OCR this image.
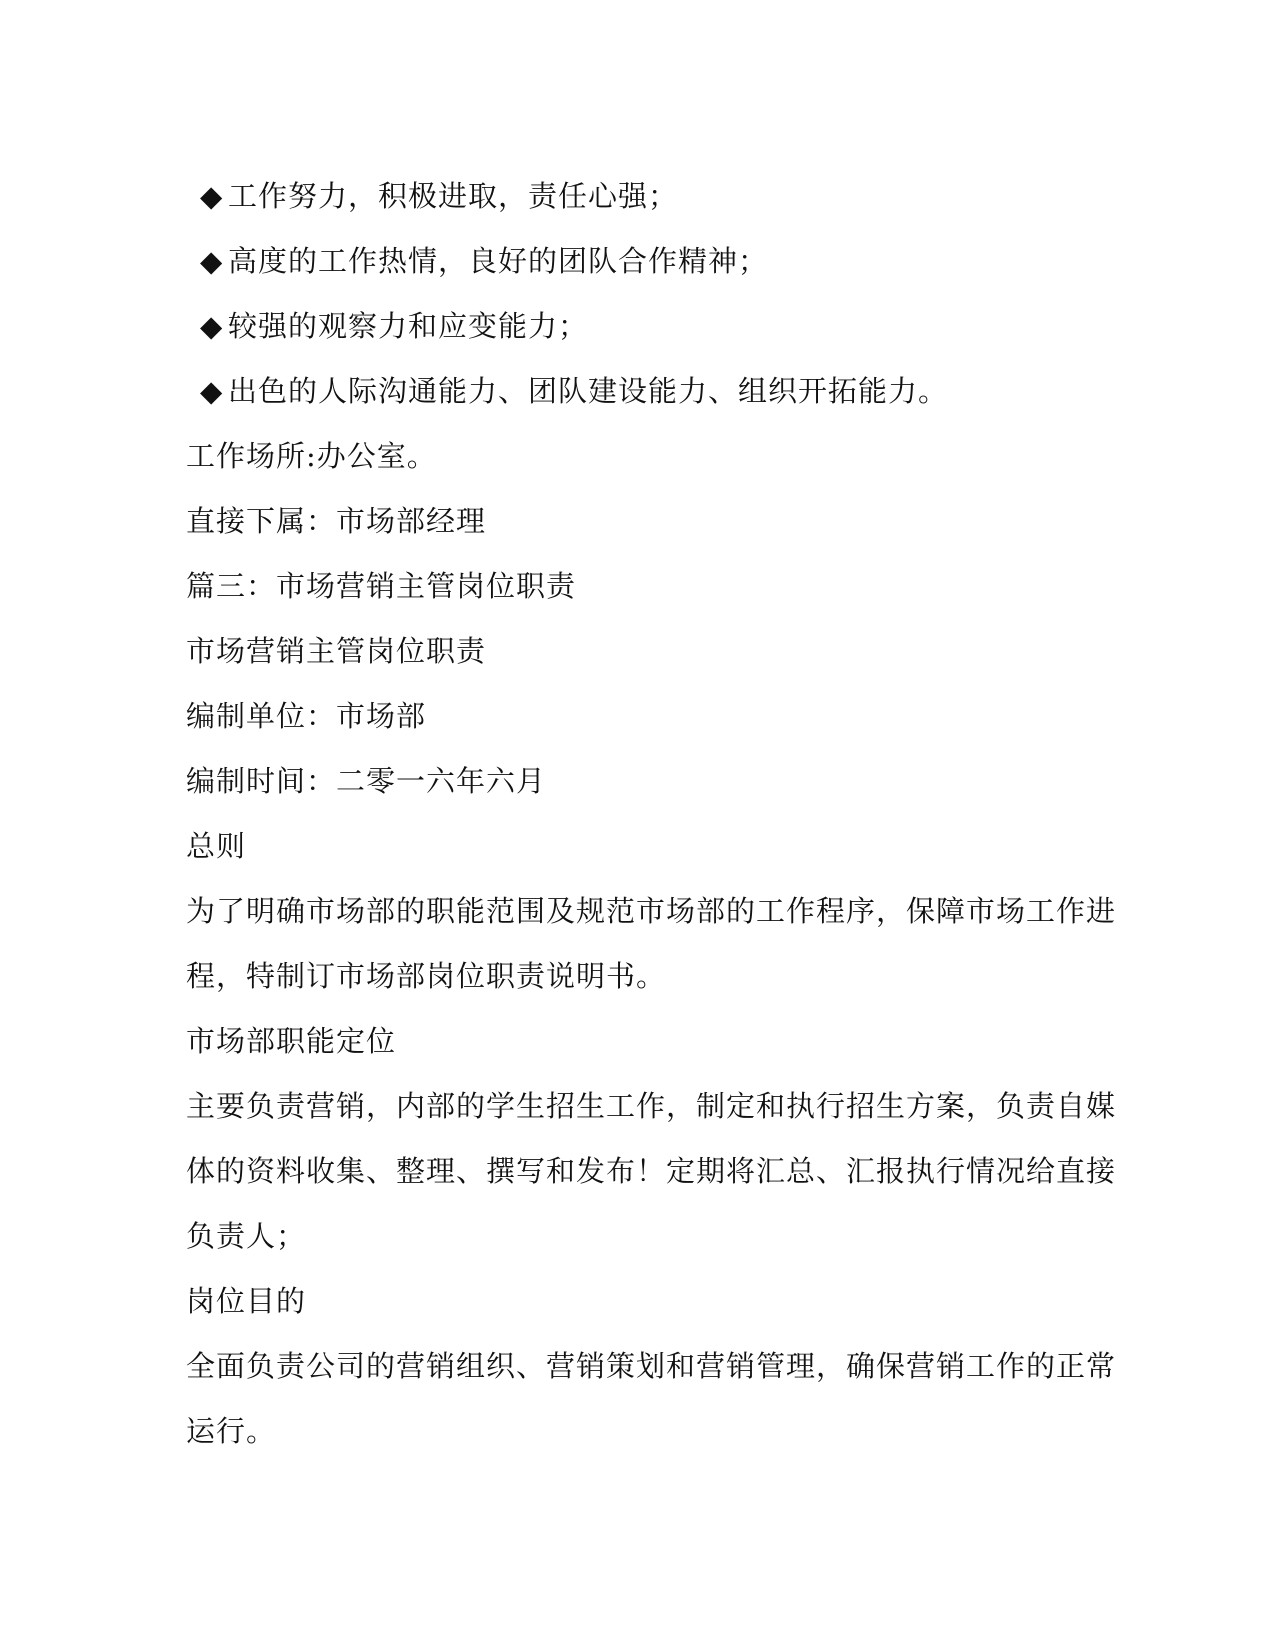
◆ 工作努力，积极进取，责任心强；
◆ 高度的工作热情，良好的团队合作精神；
◆ 较强的观察力和应变能力；
◆ 出色的人际沟通能力、团队建设能力、组织开拓能力。
工作场所:办公室。
直接下属：市场部经理
篇三：市场营销主管岗位职责
市场营销主管岗位职责
编制单位：市场部
编制时间：二零一六年六月
总则
为了明确市场部的职能范围及规范市场部的工作程序，保障市场工作进
程，特制订市场部岗位职责说明书。
市场部职能定位
主要负责营销，内部的学生招生工作，制定和执行招生方案，负责自媒
体的资料收集、整理、撰写和发布！定期将汇总、汇报执行情况给直接
负责人；
岗位目的
全面负责公司的营销组织、营销策划和营销管理，确保营销工作的正常
运行。
